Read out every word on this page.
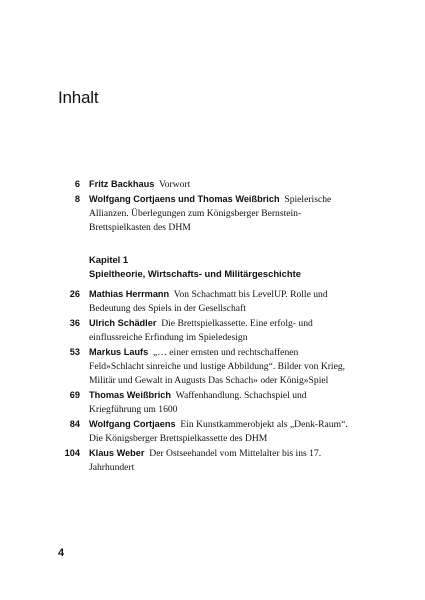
Inhalt
6 Fritz Backhaus Vorwort
8 Wolfgang Cortjaens und Thomas Weißbrich Spielerische Allianzen. Überlegungen zum Königsberger Bernstein-Brettspielkasten des DHM
Kapitel 1
Spieltheorie, Wirtschafts- und Militärgeschichte
26 Mathias Herrmann Von Schachmatt bis LevelUP. Rolle und Bedeutung des Spiels in der Gesellschaft
36 Ulrich Schädler Die Brettspielkassette. Eine erfolg- und einflussreiche Erfindung im Spieledesign
53 Markus Laufs „… einer ernsten und rechtschaffenen Feld»Schlacht sinreiche und lustige Abbildung“. Bilder von Krieg, Militär und Gewalt in Augusts Das Schach» oder König»Spiel
69 Thomas Weißbrich Waffenhandlung. Schachspiel und Kriegführung um 1600
84 Wolfgang Cortjaens Ein Kunstkammerobjekt als „Denk-Raum“. Die Königsberger Brettspielkassette des DHM
104 Klaus Weber Der Ostseehandel vom Mittelalter bis ins 17. Jahrhundert
4
